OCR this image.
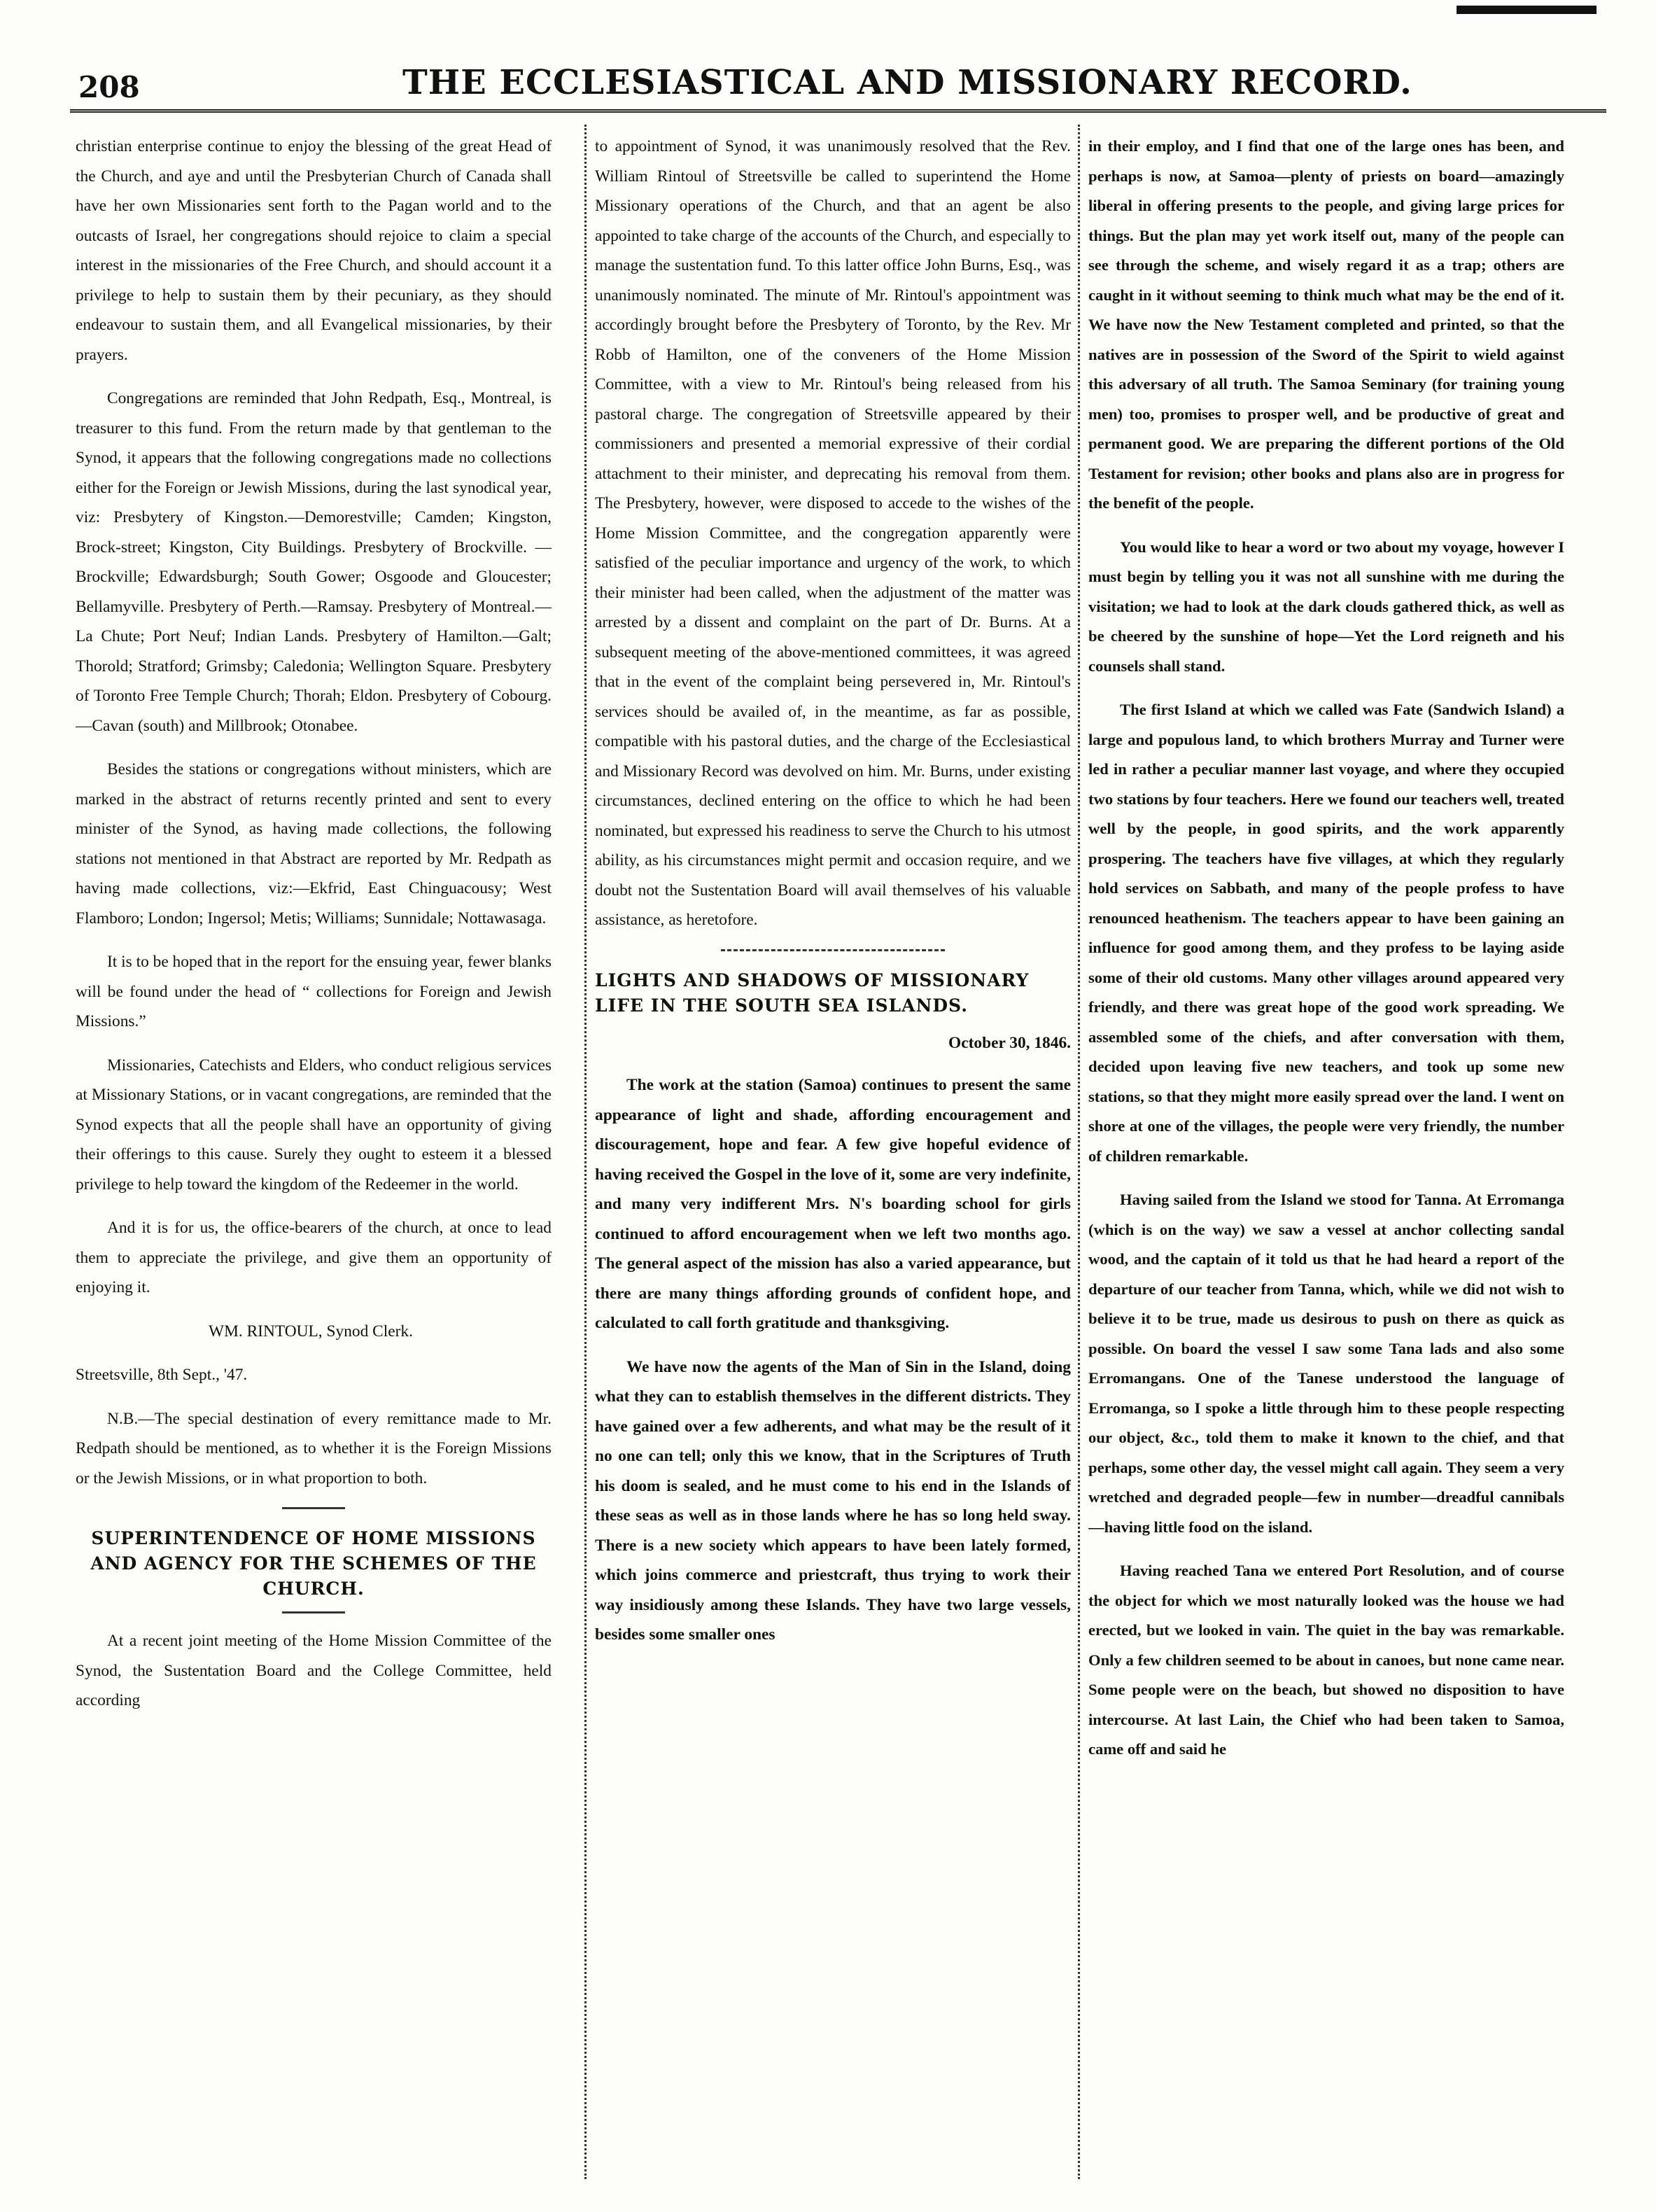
208	THE ECCLESIASTICAL AND MISSIONARY RECORD.

christian enterprise continue to enjoy the blessing of the great Head of the Church, and aye and until the Presbyterian Church of Canada shall have her own Missionaries sent forth to the Pagan world and to the outcasts of Israel, her congregations should rejoice to claim a special interest in the missionaries of the Free Church, and should account it a privilege to help to sustain them by their pecuniary, as they should endeavour to sustain them, and all Evangelical missionaries, by their prayers.

Congregations are reminded that John Redpath, Esq., Montreal, is treasurer to this fund. From the return made by that gentleman to the Synod, it appears that the following congregations made no collections either for the Foreign or Jewish Missions, during the last synodical year, viz: Presbytery of Kingston.—Demorestville; Camden; Kingston, Brock-street; Kingston, City Buildings. Presbytery of Brockville. — Brockville; Edwardsburgh; South Gower; Osgoode and Gloucester; Bellamyville. Presbytery of Perth.—Ramsay. Presbytery of Montreal.—La Chute; Port Neuf; Indian Lands. Presbytery of Hamilton.—Galt; Thorold; Stratford; Grimsby; Caledonia; Wellington Square. Presbytery of Toronto Free Temple Church; Thorah; Eldon. Presbytery of Cobourg.—Cavan (south) and Millbrook; Otonabee.

Besides the stations or congregations without ministers, which are marked in the abstract of returns recently printed and sent to every minister of the Synod, as having made collections, the following stations not mentioned in that Abstract are reported by Mr. Redpath as having made collections, viz:—Ekfrid, East Chinguacousy; West Flamboro; London; Ingersol; Metis; Williams; Sunnidale; Nottawasaga.

It is to be hoped that in the report for the ensuing year, fewer blanks will be found under the head of “ collections for Foreign and Jewish Missions.”

Missionaries, Catechists and Elders, who conduct religious services at Missionary Stations, or in vacant congregations, are reminded that the Synod expects that all the people shall have an opportunity of giving their offerings to this cause. Surely they ought to esteem it a blessed privilege to help toward the kingdom of the Redeemer in the world.

And it is for us, the office-bearers of the church, at once to lead them to appreciate the privilege, and give them an opportunity of enjoying it.

WM. RINTOUL, Synod Clerk.

Streetsville, 8th Sept., '47.

N.B.—The special destination of every remittance made to Mr. Redpath should be mentioned, as to whether it is the Foreign Missions or the Jewish Missions, or in what proportion to both.

SUPERINTENDENCE OF HOME MISSIONS AND AGENCY FOR THE SCHEMES OF THE CHURCH.

At a recent joint meeting of the Home Mission Committee of the Synod, the Sustentation Board and the College Committee, held according

to appointment of Synod, it was unanimously resolved that the Rev. William Rintoul of Streetsville be called to superintend the Home Missionary operations of the Church, and that an agent be also appointed to take charge of the accounts of the Church, and especially to manage the sustentation fund. To this latter office John Burns, Esq., was unanimously nominated. The minute of Mr. Rintoul's appointment was accordingly brought before the Presbytery of Toronto, by the Rev. Mr Robb of Hamilton, one of the conveners of the Home Mission Committee, with a view to Mr. Rintoul's being released from his pastoral charge. The congregation of Streetsville appeared by their commissioners and presented a memorial expressive of their cordial attachment to their minister, and deprecating his removal from them. The Presbytery, however, were disposed to accede to the wishes of the Home Mission Committee, and the congregation apparently were satisfied of the peculiar importance and urgency of the work, to which their minister had been called, when the adjustment of the matter was arrested by a dissent and complaint on the part of Dr. Burns. At a subsequent meeting of the above-mentioned committees, it was agreed that in the event of the complaint being persevered in, Mr. Rintoul's services should be availed of, in the meantime, as far as possible, compatible with his pastoral duties, and the charge of the Ecclesiastical and Missionary Record was devolved on him. Mr. Burns, under existing circumstances, declined entering on the office to which he had been nominated, but expressed his readiness to serve the Church to his utmost ability, as his circumstances might permit and occasion require, and we doubt not the Sustentation Board will avail themselves of his valuable assistance, as heretofore.

LIGHTS AND SHADOWS OF MISSIONARY LIFE IN THE SOUTH SEA ISLANDS.

October 30, 1846.

The work at the station (Samoa) continues to present the same appearance of light and shade, affording encouragement and discouragement, hope and fear. A few give hopeful evidence of having received the Gospel in the love of it, some are very indefinite, and many very indifferent Mrs. N's boarding school for girls continued to afford encouragement when we left two months ago. The general aspect of the mission has also a varied appearance, but there are many things affording grounds of confident hope, and calculated to call forth gratitude and thanksgiving.

We have now the agents of the Man of Sin in the Island, doing what they can to establish themselves in the different districts. They have gained over a few adherents, and what may be the result of it no one can tell; only this we know, that in the Scriptures of Truth his doom is sealed, and he must come to his end in the Islands of these seas as well as in those lands where he has so long held sway. There is a new society which appears to have been lately formed, which joins commerce and priestcraft, thus trying to work their way insidiously among these Islands. They have two large vessels, besides some smaller ones

in their employ, and I find that one of the large ones has been, and perhaps is now, at Samoa—plenty of priests on board—amazingly liberal in offering presents to the people, and giving large prices for things. But the plan may yet work itself out, many of the people can see through the scheme, and wisely regard it as a trap; others are caught in it without seeming to think much what may be the end of it. We have now the New Testament completed and printed, so that the natives are in possession of the Sword of the Spirit to wield against this adversary of all truth. The Samoa Seminary (for training young men) too, promises to prosper well, and be productive of great and permanent good. We are preparing the different portions of the Old Testament for revision; other books and plans also are in progress for the benefit of the people.

You would like to hear a word or two about my voyage, however I must begin by telling you it was not all sunshine with me during the visitation; we had to look at the dark clouds gathered thick, as well as be cheered by the sunshine of hope—Yet the Lord reigneth and his counsels shall stand.

The first Island at which we called was Fate (Sandwich Island) a large and populous land, to which brothers Murray and Turner were led in rather a peculiar manner last voyage, and where they occupied two stations by four teachers. Here we found our teachers well, treated well by the people, in good spirits, and the work apparently prospering. The teachers have five villages, at which they regularly hold services on Sabbath, and many of the people profess to have renounced heathenism. The teachers appear to have been gaining an influence for good among them, and they profess to be laying aside some of their old customs. Many other villages around appeared very friendly, and there was great hope of the good work spreading. We assembled some of the chiefs, and after conversation with them, decided upon leaving five new teachers, and took up some new stations, so that they might more easily spread over the land. I went on shore at one of the villages, the people were very friendly, the number of children remarkable.

Having sailed from the Island we stood for Tanna. At Erromanga (which is on the way) we saw a vessel at anchor collecting sandal wood, and the captain of it told us that he had heard a report of the departure of our teacher from Tanna, which, while we did not wish to believe it to be true, made us desirous to push on there as quick as possible. On board the vessel I saw some Tana lads and also some Erromangans. One of the Tanese understood the language of Erromanga, so I spoke a little through him to these people respecting our object, &c., told them to make it known to the chief, and that perhaps, some other day, the vessel might call again. They seem a very wretched and degraded people—few in number—dreadful cannibals—having little food on the island.

Having reached Tana we entered Port Resolution, and of course the object for which we most naturally looked was the house we had erected, but we looked in vain. The quiet in the bay was remarkable. Only a few children seemed to be about in canoes, but none came near. Some people were on the beach, but showed no disposition to have intercourse. At last Lain, the Chief who had been taken to Samoa, came off and said he
